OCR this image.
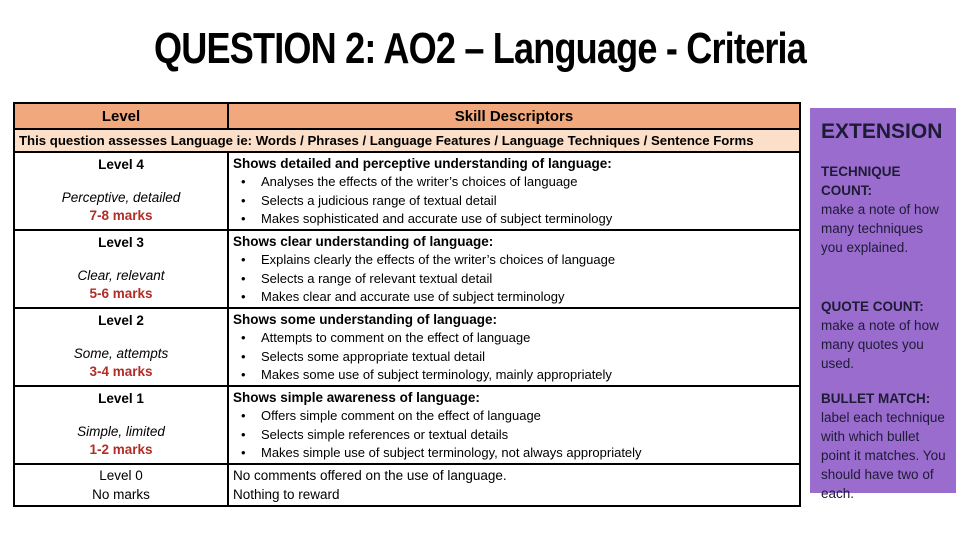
QUESTION 2: AO2 – Language - Criteria
Level	Skill Descriptors
This question assesses Language ie: Words / Phrases / Language Features / Language Techniques / Sentence Forms
Level 4
Perceptive, detailed
7-8 marks
Shows detailed and perceptive understanding of language:
•
Analyses the effects of the writer’s choices of language
•
Selects a judicious range of textual detail
•
Makes sophisticated and accurate use of subject terminology
Level 3
Clear, relevant
5-6 marks
Shows clear understanding of language:
•
Explains clearly the effects of the writer’s choices of language
•
Selects a range of relevant textual detail
•
Makes clear and accurate use of subject terminology
Level 2
Some, attempts
3-4 marks
Shows some understanding of language:
•
Attempts to comment on the effect of language
•
Selects some appropriate textual detail
•
Makes some use of subject terminology, mainly appropriately
Level 1
Simple, limited
1-2 marks
Shows simple awareness of language:
•
Offers simple comment on the effect of language
•
Selects simple references or textual details
•
Makes simple use of subject terminology, not always appropriately
Level 0
No marks
No comments offered on the use of language.
Nothing to reward
EXTENSION
TECHNIQUE COUNT:
make a note of how many techniques you explained.
QUOTE COUNT:
make a note of how many quotes you used.
BULLET MATCH:
label each technique with which bullet point it matches. You should have two of each.
